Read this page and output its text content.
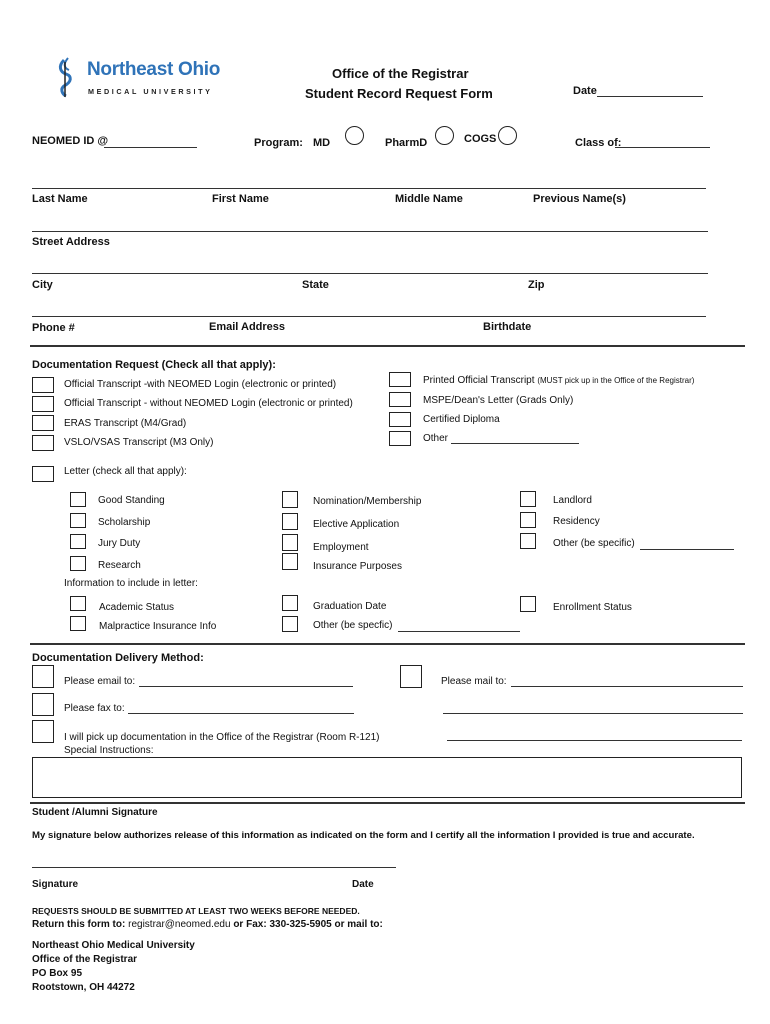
Northeast Ohio
MEDICAL UNIVERSITY
Office of the Registrar
Student Record Request Form	Date
NEOMED ID @	Program: MD	PharmD	COGS	Class of:
Last Name	First Name	Middle Name	Previous Name(s)
Street Address
City	State	Zip
Phone #	Email Address	Birthdate
Documentation Request (Check all that apply):
Official Transcript -with NEOMED Login (electronic or printed)
Official Transcript - without NEOMED Login (electronic or printed)
ERAS Transcript (M4/Grad)
VSLO/VSAS Transcript (M3 Only)
Printed Official Transcript (MUST pick up in the Office of the Registrar)
MSPE/Dean's Letter (Grads Only)
Certified Diploma
Other
Letter (check all that apply):
Good Standing
Scholarship
Jury Duty
Research
Nomination/Membership
Elective Application
Employment
Insurance Purposes
Landlord
Residency
Other (be specific)
Information to include in letter:
Academic Status
Malpractice Insurance Info
Graduation Date
Other (be specfic)
Enrollment Status
Documentation Delivery Method:
Please email to:	Please mail to:
Please fax to:
I will pick up documentation in the Office of the Registrar (Room R-121)
Special Instructions:
Student /Alumni Signature
My signature below authorizes release of this information as indicated on the form and I certify all the information I provided is true and accurate.
Signature	Date
REQUESTS SHOULD BE SUBMITTED AT LEAST TWO WEEKS BEFORE NEEDED.
Return this form to: registrar@neomed.edu or Fax: 330-325-5905 or mail to:
Northeast Ohio Medical University
Office of the Registrar
PO Box 95
Rootstown, OH 44272
